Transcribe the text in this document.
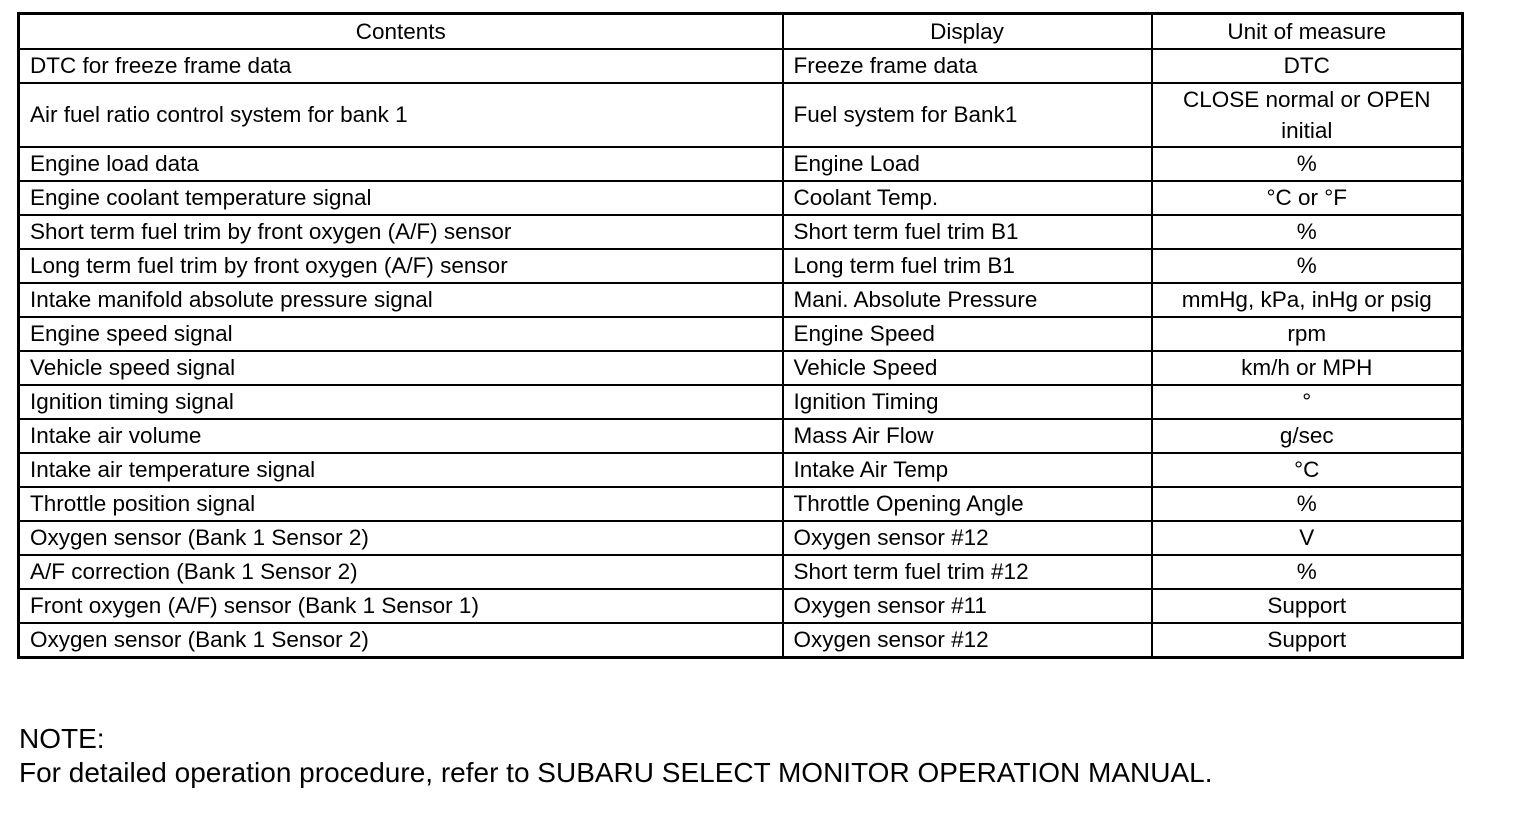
Contents	Display	Unit of measure
DTC for freeze frame data	Freeze frame data	DTC
Air fuel ratio control system for bank 1	Fuel system for Bank1	CLOSE normal or OPEN initial
Engine load data	Engine Load	%
Engine coolant temperature signal	Coolant Temp.	°C or °F
Short term fuel trim by front oxygen (A/F) sensor	Short term fuel trim B1	%
Long term fuel trim by front oxygen (A/F) sensor	Long term fuel trim B1	%
Intake manifold absolute pressure signal	Mani. Absolute Pressure	mmHg, kPa, inHg or psig
Engine speed signal	Engine Speed	rpm
Vehicle speed signal	Vehicle Speed	km/h or MPH
Ignition timing signal	Ignition Timing	°
Intake air volume	Mass Air Flow	g/sec
Intake air temperature signal	Intake Air Temp	°C
Throttle position signal	Throttle Opening Angle	%
Oxygen sensor (Bank 1 Sensor 2)	Oxygen sensor #12	V
A/F correction (Bank 1 Sensor 2)	Short term fuel trim #12	%
Front oxygen (A/F) sensor (Bank 1 Sensor 1)	Oxygen sensor #11	Support
Oxygen sensor (Bank 1 Sensor 2)	Oxygen sensor #12	Support
NOTE:
For detailed operation procedure, refer to SUBARU SELECT MONITOR OPERATION MANUAL.
